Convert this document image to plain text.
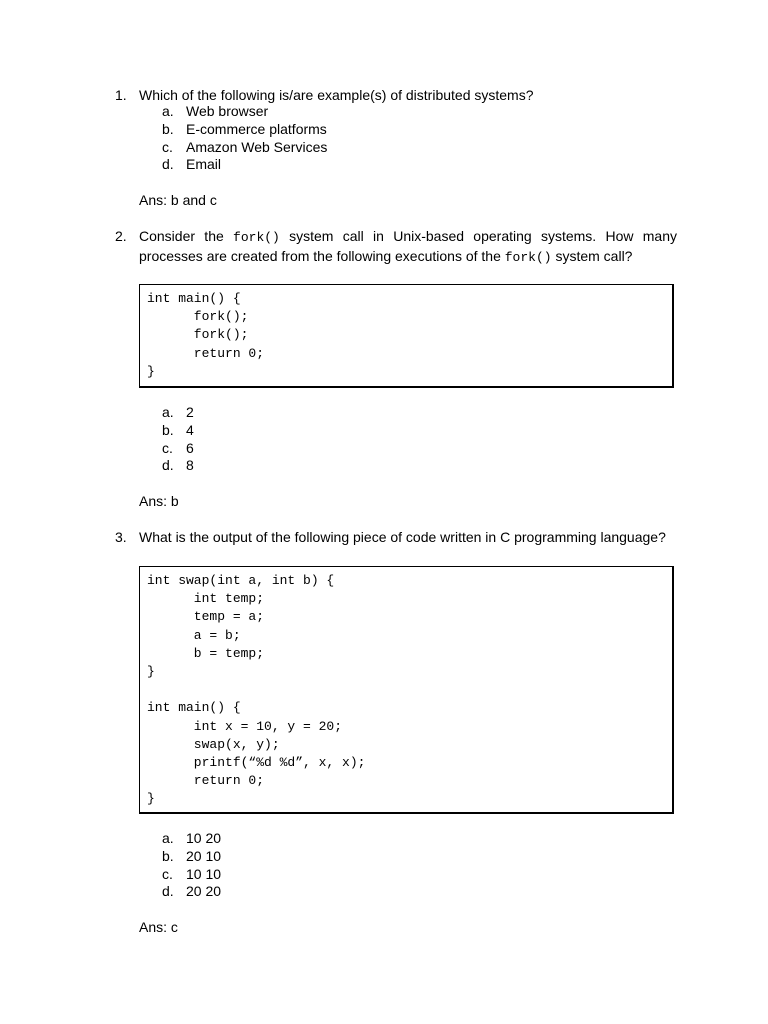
1. Which of the following is/are example(s) of distributed systems?
a. Web browser
b. E-commerce platforms
c. Amazon Web Services
d. Email
Ans: b and c
2. Consider the fork() system call in Unix-based operating systems. How many processes are created from the following executions of the fork() system call?
int main() {
fork();
fork();
return 0;
}
a. 2
b. 4
c. 6
d. 8
Ans: b
3. What is the output of the following piece of code written in C programming language?
int swap(int a, int b) {
int temp;
temp = a;
a = b;
b = temp;
}
int main() {
int x = 10, y = 20;
swap(x, y);
printf(“%d %d”, x, x);
return 0;
}
a. 10 20
b. 20 10
c. 10 10
d. 20 20
Ans: c
